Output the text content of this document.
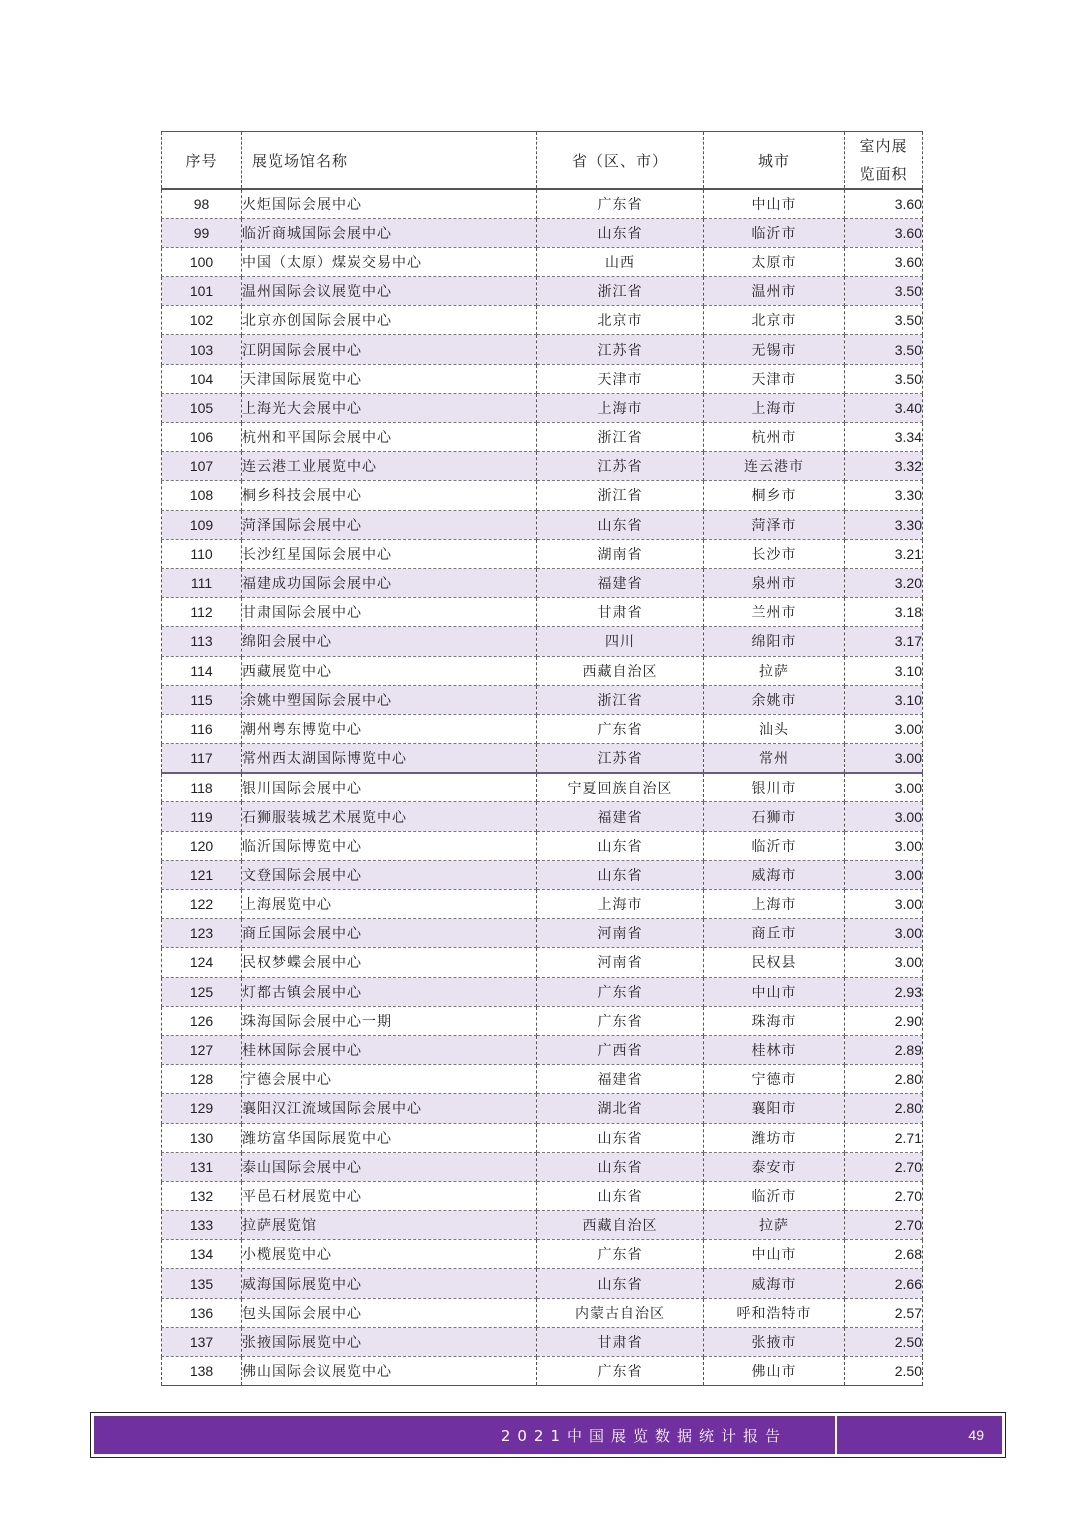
序号	展览场馆名称	省（区、市）	城市	室内展
览面积
98	火炬国际会展中心	广东省	中山市	3.60
99	临沂商城国际会展中心	山东省	临沂市	3.60
100	中国（太原）煤炭交易中心	山西	太原市	3.60
101	温州国际会议展览中心	浙江省	温州市	3.50
102	北京亦创国际会展中心	北京市	北京市	3.50
103	江阴国际会展中心	江苏省	无锡市	3.50
104	天津国际展览中心	天津市	天津市	3.50
105	上海光大会展中心	上海市	上海市	3.40
106	杭州和平国际会展中心	浙江省	杭州市	3.34
107	连云港工业展览中心	江苏省	连云港市	3.32
108	桐乡科技会展中心	浙江省	桐乡市	3.30
109	菏泽国际会展中心	山东省	菏泽市	3.30
110	长沙红星国际会展中心	湖南省	长沙市	3.21
111	福建成功国际会展中心	福建省	泉州市	3.20
112	甘肃国际会展中心	甘肃省	兰州市	3.18
113	绵阳会展中心	四川	绵阳市	3.17
114	西藏展览中心	西藏自治区	拉萨	3.10
115	余姚中塑国际会展中心	浙江省	余姚市	3.10
116	潮州粤东博览中心	广东省	汕头	3.00
117	常州西太湖国际博览中心	江苏省	常州	3.00
118	银川国际会展中心	宁夏回族自治区	银川市	3.00
119	石狮服装城艺术展览中心	福建省	石狮市	3.00
120	临沂国际博览中心	山东省	临沂市	3.00
121	文登国际会展中心	山东省	威海市	3.00
122	上海展览中心	上海市	上海市	3.00
123	商丘国际会展中心	河南省	商丘市	3.00
124	民权梦蝶会展中心	河南省	民权县	3.00
125	灯都古镇会展中心	广东省	中山市	2.93
126	珠海国际会展中心一期	广东省	珠海市	2.90
127	桂林国际会展中心	广西省	桂林市	2.89
128	宁德会展中心	福建省	宁德市	2.80
129	襄阳汉江流域国际会展中心	湖北省	襄阳市	2.80
130	潍坊富华国际展览中心	山东省	潍坊市	2.71
131	泰山国际会展中心	山东省	泰安市	2.70
132	平邑石材展览中心	山东省	临沂市	2.70
133	拉萨展览馆	西藏自治区	拉萨	2.70
134	小榄展览中心	广东省	中山市	2.68
135	威海国际展览中心	山东省	威海市	2.66
136	包头国际会展中心	内蒙古自治区	呼和浩特市	2.57
137	张掖国际展览中心	甘肃省	张掖市	2.50
138	佛山国际会议展览中心	广东省	佛山市	2.50
2021中国展览数据统计报告	49
